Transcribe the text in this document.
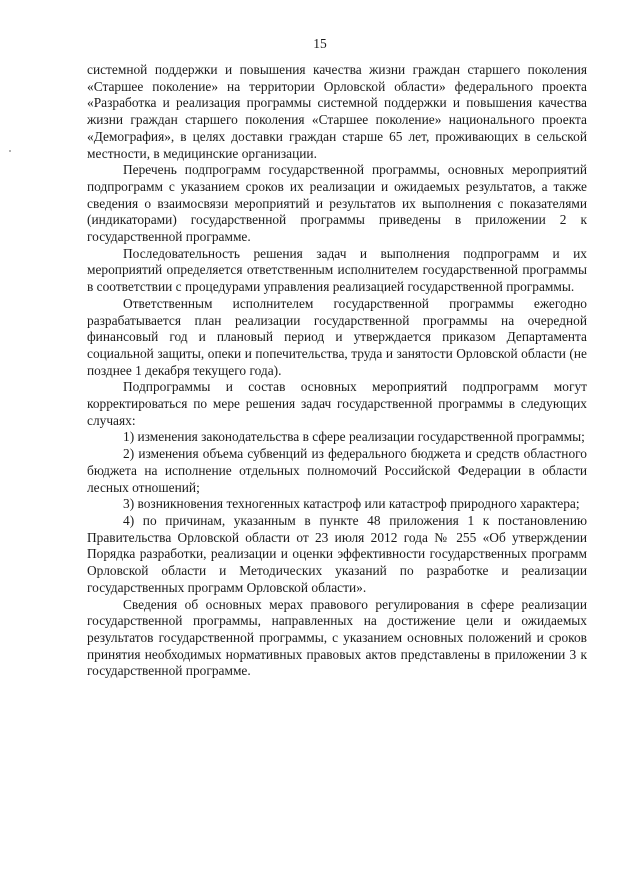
15

системной поддержки и повышения качества жизни граждан старшего поколения «Старшее поколение» на территории Орловской области» федерального проекта «Разработка и реализация программы системной поддержки и повышения качества жизни граждан старшего поколения «Старшее поколение» национального проекта «Демография», в целях доставки граждан старше 65 лет, проживающих в сельской местности, в медицинские организации.

Перечень подпрограмм государственной программы, основных мероприятий подпрограмм с указанием сроков их реализации и ожидаемых результатов, а также сведения о взаимосвязи мероприятий и результатов их выполнения с показателями (индикаторами) государственной программы приведены в приложении 2 к государственной программе.

Последовательность решения задач и выполнения подпрограмм и их мероприятий определяется ответственным исполнителем государственной программы в соответствии с процедурами управления реализацией государственной программы.

Ответственным исполнителем государственной программы ежегодно разрабатывается план реализации государственной программы на очередной финансовый год и плановый период и утверждается приказом Департамента социальной защиты, опеки и попечительства, труда и занятости Орловской области (не позднее 1 декабря текущего года).

Подпрограммы и состав основных мероприятий подпрограмм могут корректироваться по мере решения задач государственной программы в следующих случаях:

1) изменения законодательства в сфере реализации государственной программы;

2) изменения объема субвенций из федерального бюджета и средств областного бюджета на исполнение отдельных полномочий Российской Федерации в области лесных отношений;

3) возникновения техногенных катастроф или катастроф природного характера;

4) по причинам, указанным в пункте 48 приложения 1 к постановлению Правительства Орловской области от 23 июля 2012 года № 255 «Об утверждении Порядка разработки, реализации и оценки эффективности государственных программ Орловской области и Методических указаний по разработке и реализации государственных программ Орловской области».

Сведения об основных мерах правового регулирования в сфере реализации государственной программы, направленных на достижение цели и ожидаемых результатов государственной программы, с указанием основных положений и сроков принятия необходимых нормативных правовых актов представлены в приложении 3 к государственной программе.
